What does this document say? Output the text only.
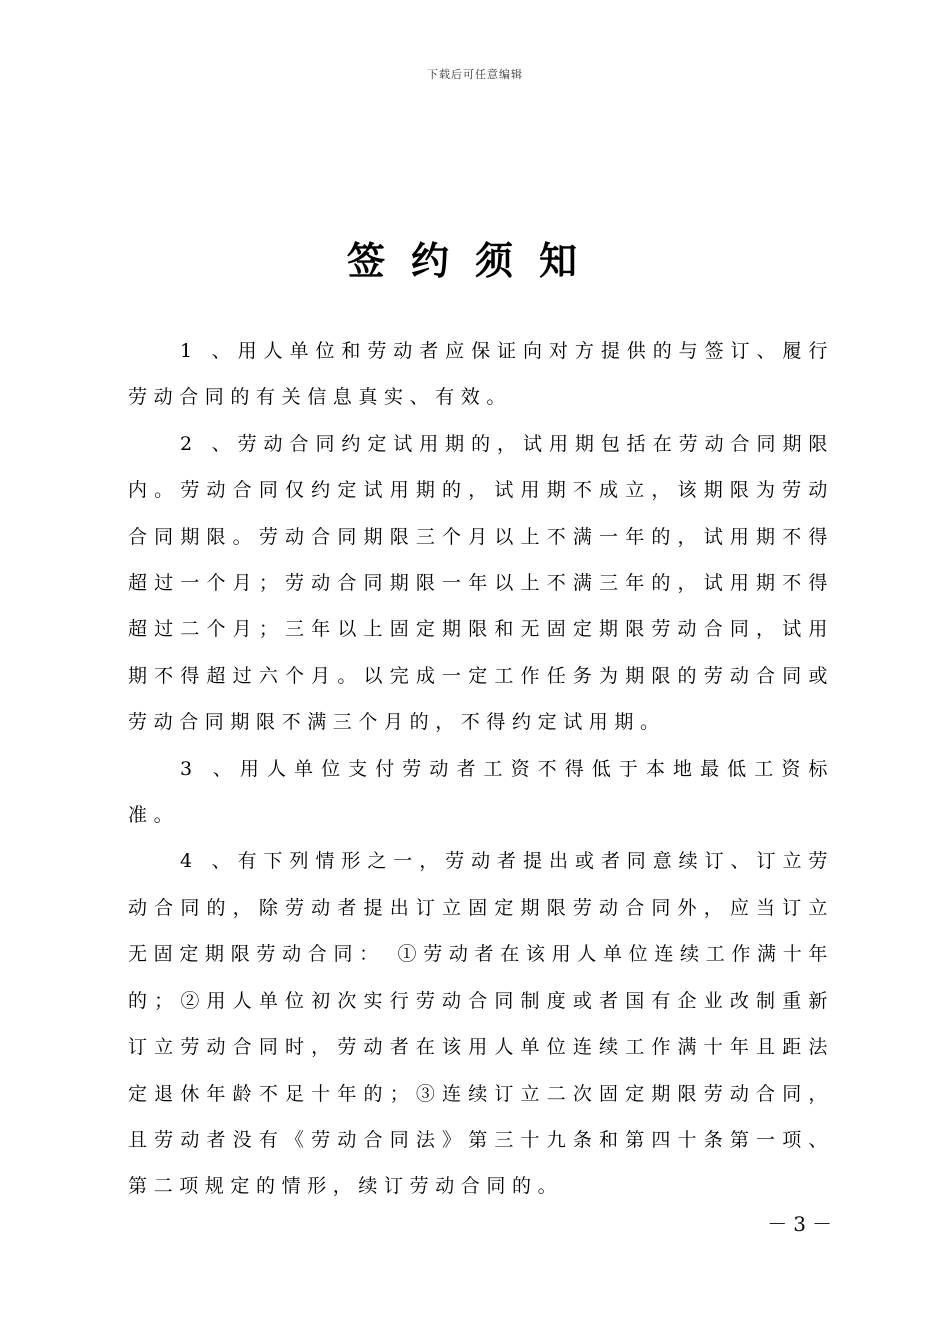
下载后可任意编辑
签约须知

1 、用人单位和劳动者应保证向对方提供的与签订、履行劳动合同的有关信息真实、有效。

2 、劳动合同约定试用期的，试用期包括在劳动合同期限内。劳动合同仅约定试用期的，试用期不成立，该期限为劳动合同期限。劳动合同期限三个月以上不满一年的，试用期不得超过一个月；劳动合同期限一年以上不满三年的，试用期不得超过二个月；三年以上固定期限和无固定期限劳动合同，试用期不得超过六个月。以完成一定工作任务为期限的劳动合同或劳动合同期限不满三个月的，不得约定试用期。

3 、用人单位支付劳动者工资不得低于本地最低工资标准。

4 、有下列情形之一，劳动者提出或者同意续订、订立劳动合同的，除劳动者提出订立固定期限劳动合同外，应当订立无固定期限劳动合同： ①劳动者在该用人单位连续工作满十年的；②用人单位初次实行劳动合同制度或者国有企业改制重新订立劳动合同时，劳动者在该用人单位连续工作满十年且距法定退休年龄不足十年的；③连续订立二次固定期限劳动合同，且劳动者没有《劳动合同法》第三十九条和第四十条第一项、第二项规定的情形，续订劳动合同的。

－3－
